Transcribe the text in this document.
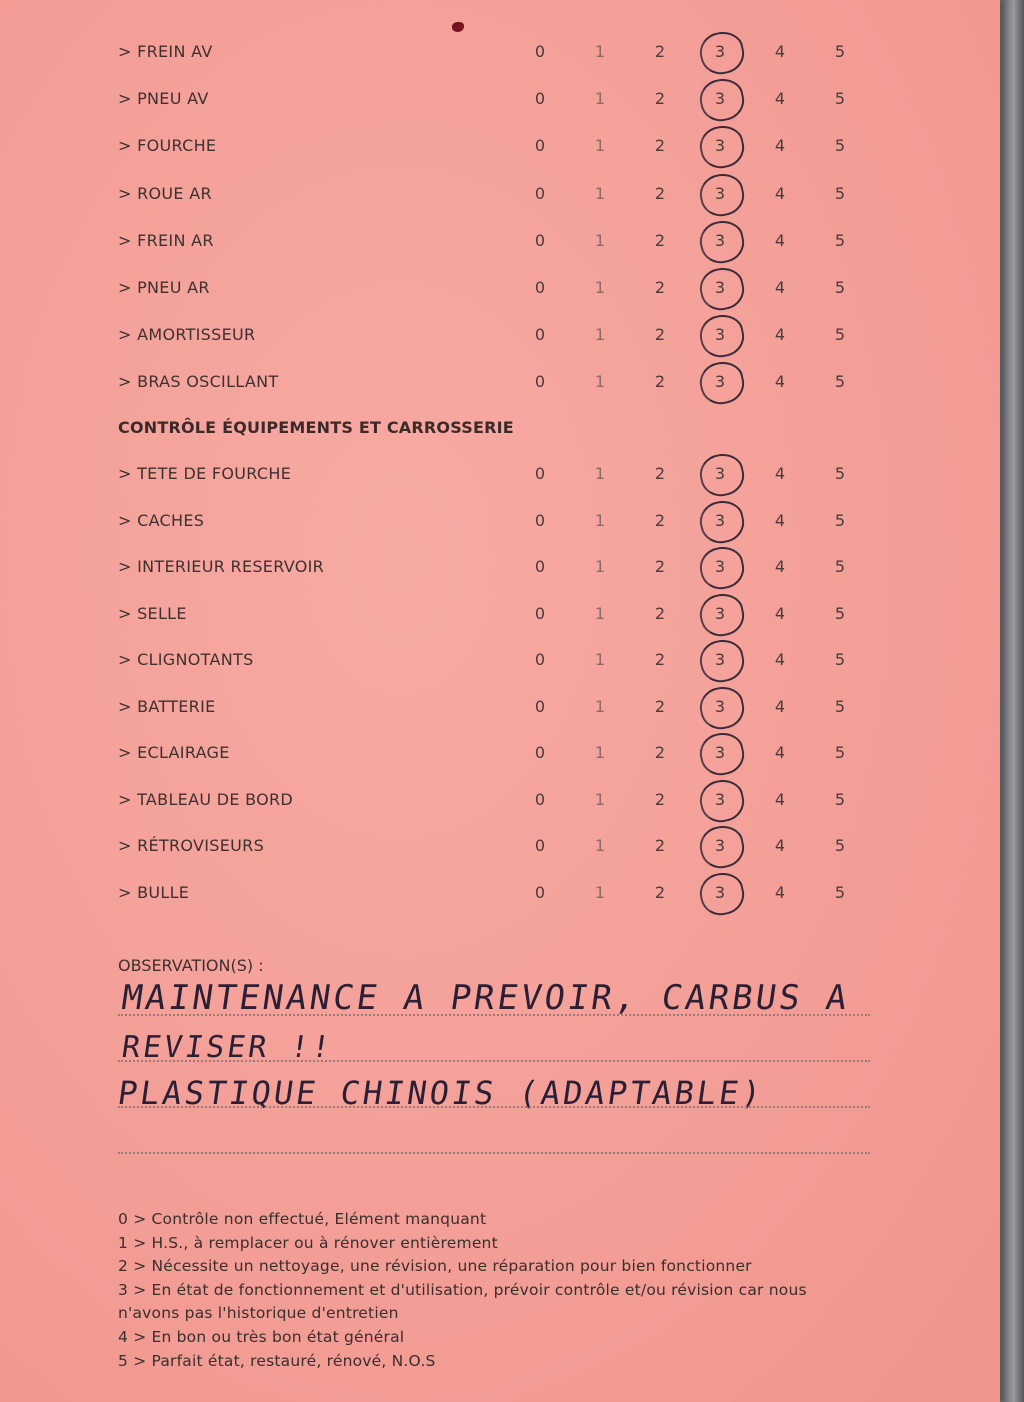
> FREIN AV	0	1	2	3	4	5
> PNEU AV	0	1	2	3	4	5
> FOURCHE	0	1	2	3	4	5
> ROUE AR	0	1	2	3	4	5
> FREIN AR	0	1	2	3	4	5
> PNEU AR	0	1	2	3	4	5
> AMORTISSEUR	0	1	2	3	4	5
> BRAS OSCILLANT	0	1	2	3	4	5
CONTRÔLE ÉQUIPEMENTS ET CARROSSERIE
> TETE DE FOURCHE	0	1	2	3	4	5
> CACHES	0	1	2	3	4	5
> INTERIEUR RESERVOIR	0	1	2	3	4	5
> SELLE	0	1	2	3	4	5
> CLIGNOTANTS	0	1	2	3	4	5
> BATTERIE	0	1	2	3	4	5
> ECLAIRAGE	0	1	2	3	4	5
> TABLEAU DE BORD	0	1	2	3	4	5
> RÉTROVISEURS	0	1	2	3	4	5
> BULLE	0	1	2	3	4	5
OBSERVATION(S) :
MAINTENANCE A PREVOIR, CARBUS A
REVISER !!
PLASTIQUE CHINOIS (ADAPTABLE)
0 > Contrôle non effectué, Elément manquant
1 > H.S., à remplacer ou à rénover entièrement
2 > Nécessite un nettoyage, une révision, une réparation pour bien fonctionner
3 > En état de fonctionnement et d'utilisation, prévoir contrôle et/ou révision car nous
n'avons pas l'historique d'entretien
4 > En bon ou très bon état général
5 > Parfait état, restauré, rénové, N.O.S
